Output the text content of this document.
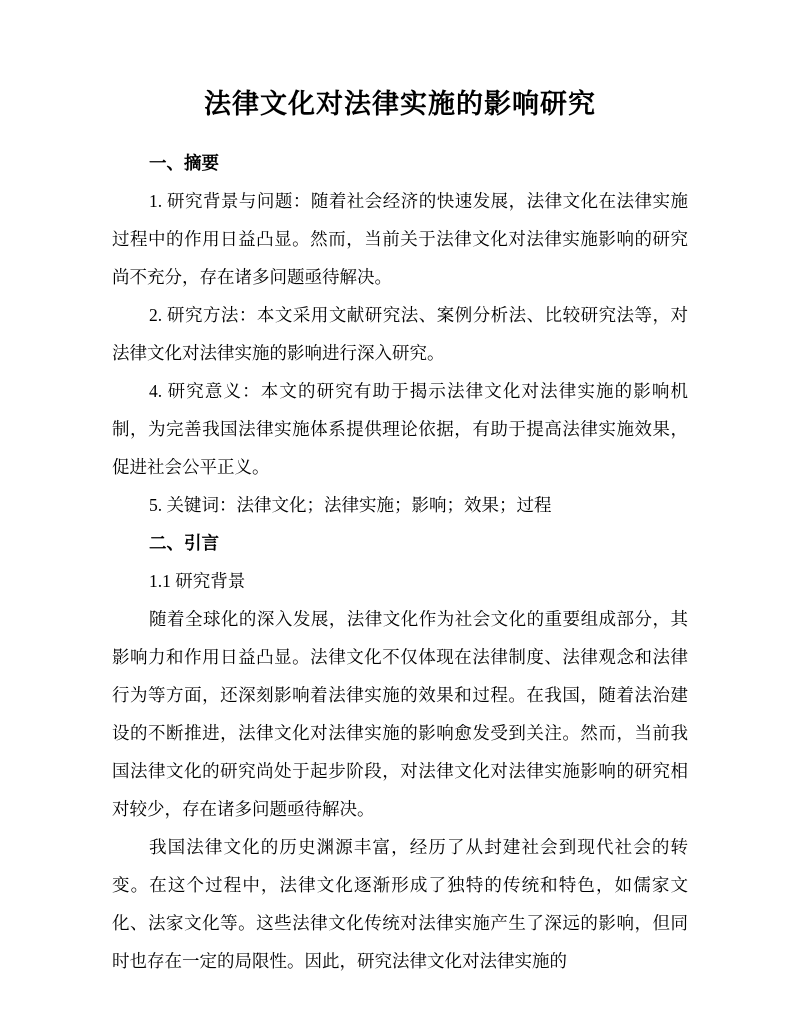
法律文化对法律实施的影响研究

一、摘要

1. 研究背景与问题：随着社会经济的快速发展，法律文化在法律实施过程中的作用日益凸显。然而，当前关于法律文化对法律实施影响的研究尚不充分，存在诸多问题亟待解决。

2. 研究方法：本文采用文献研究法、案例分析法、比较研究法等，对法律文化对法律实施的影响进行深入研究。

4. 研究意义：本文的研究有助于揭示法律文化对法律实施的影响机制，为完善我国法律实施体系提供理论依据，有助于提高法律实施效果，促进社会公平正义。

5. 关键词：法律文化；法律实施；影响；效果；过程

二、引言

1.1 研究背景

随着全球化的深入发展，法律文化作为社会文化的重要组成部分，其影响力和作用日益凸显。法律文化不仅体现在法律制度、法律观念和法律行为等方面，还深刻影响着法律实施的效果和过程。在我国，随着法治建设的不断推进，法律文化对法律实施的影响愈发受到关注。然而，当前我国法律文化的研究尚处于起步阶段，对法律文化对法律实施影响的研究相对较少，存在诸多问题亟待解决。

我国法律文化的历史渊源丰富，经历了从封建社会到现代社会的转变。在这个过程中，法律文化逐渐形成了独特的传统和特色，如儒家文化、法家文化等。这些法律文化传统对法律实施产生了深远的影响，但同时也存在一定的局限性。因此，研究法律文化对法律实施的
